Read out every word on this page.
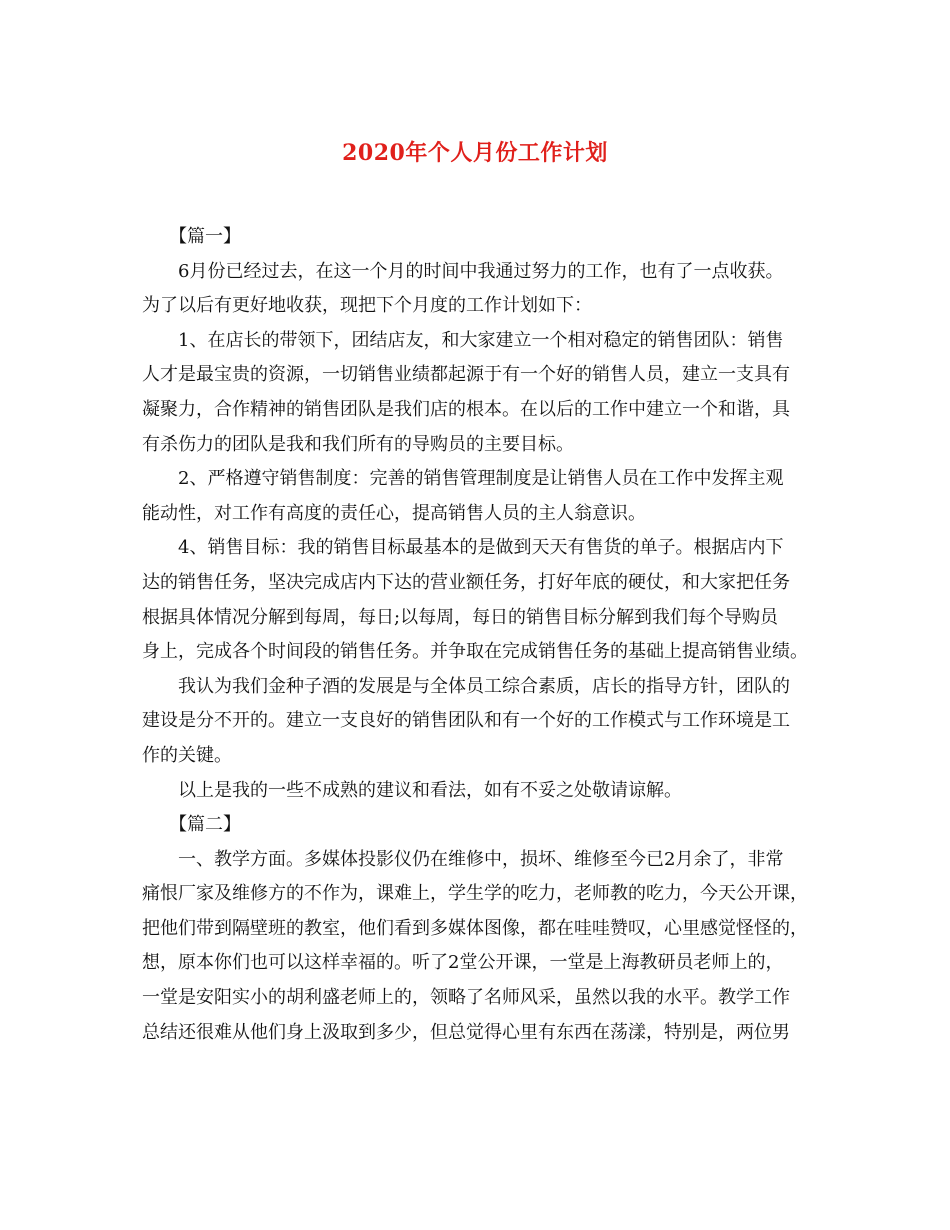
2020年个人月份工作计划

【篇一】

6月份已经过去，在这一个月的时间中我通过努力的工作，也有了一点收获。

为了以后有更好地收获，现把下个月度的工作计划如下：

1、在店长的带领下，团结店友，和大家建立一个相对稳定的销售团队：销售

人才是最宝贵的资源，一切销售业绩都起源于有一个好的销售人员，建立一支具有

凝聚力，合作精神的销售团队是我们店的根本。在以后的工作中建立一个和谐，具

有杀伤力的团队是我和我们所有的导购员的主要目标。

2、严格遵守销售制度：完善的销售管理制度是让销售人员在工作中发挥主观

能动性，对工作有高度的责任心，提高销售人员的主人翁意识。

4、销售目标：我的销售目标最基本的是做到天天有售货的单子。根据店内下

达的销售任务，坚决完成店内下达的营业额任务，打好年底的硬仗，和大家把任务

根据具体情况分解到每周，每日;以每周，每日的销售目标分解到我们每个导购员

身上，完成各个时间段的销售任务。并争取在完成销售任务的基础上提高销售业绩。

我认为我们金种子酒的发展是与全体员工综合素质，店长的指导方针，团队的

建设是分不开的。建立一支良好的销售团队和有一个好的工作模式与工作环境是工

作的关键。

以上是我的一些不成熟的建议和看法，如有不妥之处敬请谅解。

【篇二】

一、教学方面。多媒体投影仪仍在维修中，损坏、维修至今已2月余了，非常

痛恨厂家及维修方的不作为，课难上，学生学的吃力，老师教的吃力，今天公开课，

把他们带到隔壁班的教室，他们看到多媒体图像，都在哇哇赞叹，心里感觉怪怪的，

想，原本你们也可以这样幸福的。听了2堂公开课，一堂是上海教研员老师上的，

一堂是安阳实小的胡利盛老师上的，领略了名师风采，虽然以我的水平。教学工作

总结还很难从他们身上汲取到多少，但总觉得心里有东西在荡漾，特别是，两位男
